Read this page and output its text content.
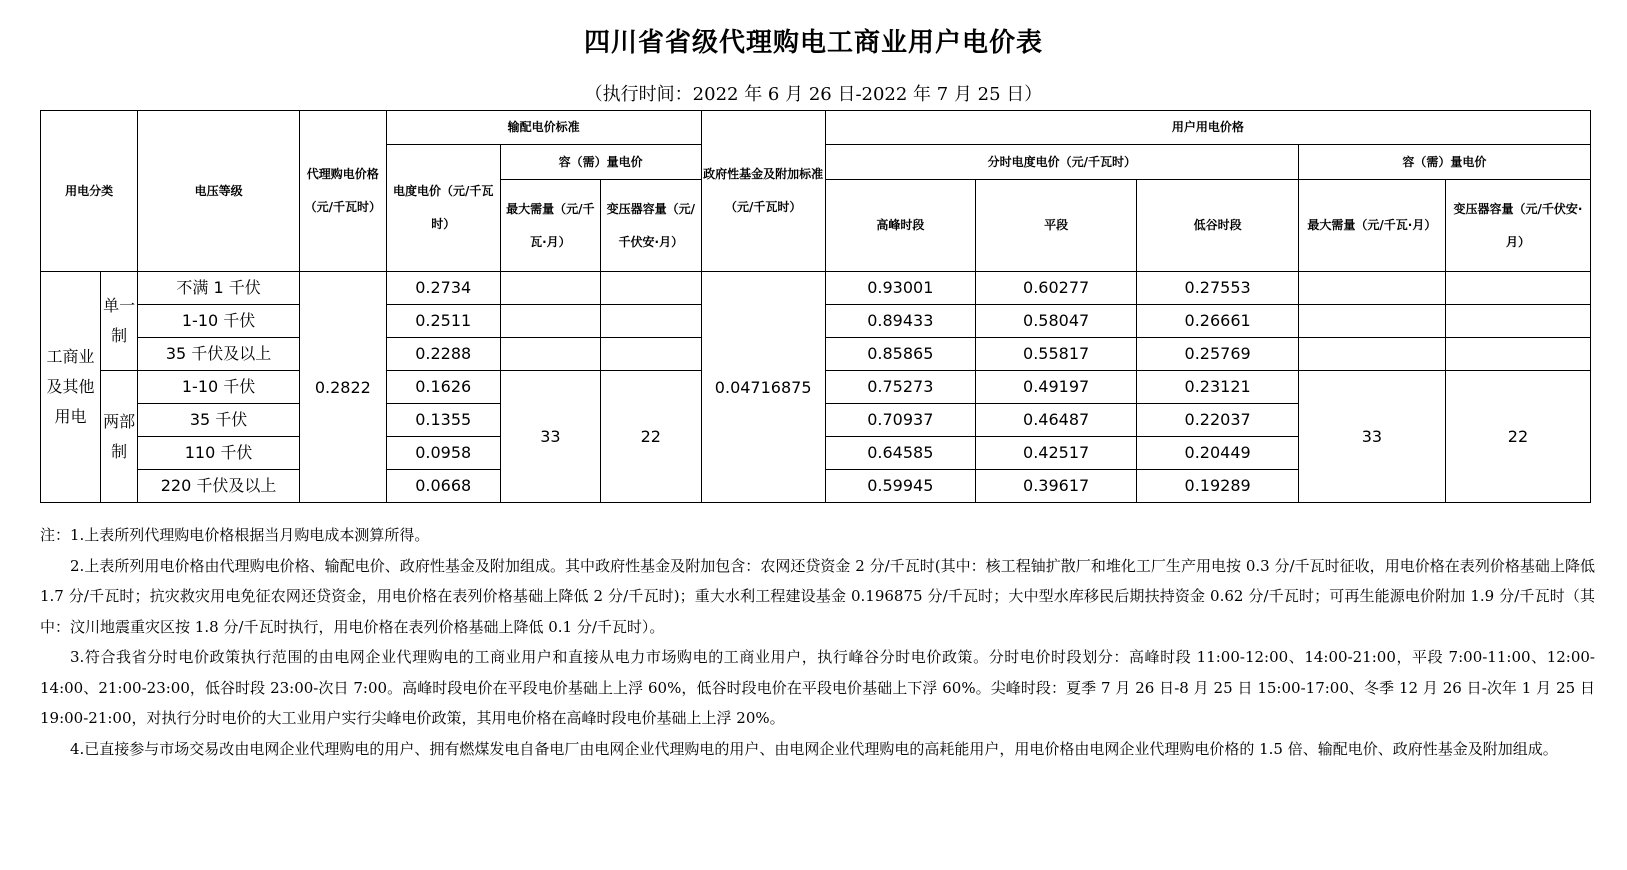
四川省省级代理购电工商业用户电价表
（执行时间：2022 年 6 月 26 日-2022 年 7 月 25 日）
用电分类		电压等级	代理购电价格（元/千瓦时）	输配电价标准			政府性基金及附加标准（元/千瓦时）	用户用电价格				
				电度电价（元/千瓦时）	容（需）量电价			分时电度电价（元/千瓦时）			容（需）量电价	
					最大需量（元/千瓦·月）	变压器容量（元/千伏安·月）		高峰时段	平段	低谷时段	最大需量（元/千瓦·月）	变压器容量（元/千伏安·月）
工商业及其他用电	单一制	不满 1 千伏	0.2822	0.2734			0.04716875	0.93001	0.60277	0.27553		
		1-10 千伏		0.2511				0.89433	0.58047	0.26661		
		35 千伏及以上		0.2288				0.85865	0.55817	0.25769		
	两部制	1-10 千伏		0.1626	33	22		0.75273	0.49197	0.23121	33	22
		35 千伏		0.1355				0.70937	0.46487	0.22037		
		110 千伏		0.0958				0.64585	0.42517	0.20449		
		220 千伏及以上		0.0668				0.59945	0.39617	0.19289		

注：1.上表所列代理购电价格根据当月购电成本测算所得。

2.上表所列用电价格由代理购电价格、输配电价、政府性基金及附加组成。其中政府性基金及附加包含：农网还贷资金 2 分/千瓦时(其中：核工程铀扩散厂和堆化工厂生产用电按 0.3 分/千瓦时征收，用电价格在表列价格基础上降低 1.7 分/千瓦时；抗灾救灾用电免征农网还贷资金，用电价格在表列价格基础上降低 2 分/千瓦时)；重大水利工程建设基金 0.196875 分/千瓦时；大中型水库移民后期扶持资金 0.62 分/千瓦时；可再生能源电价附加 1.9 分/千瓦时（其中：汶川地震重灾区按 1.8 分/千瓦时执行，用电价格在表列价格基础上降低 0.1 分/千瓦时）。

3.符合我省分时电价政策执行范围的由电网企业代理购电的工商业用户和直接从电力市场购电的工商业用户，执行峰谷分时电价政策。分时电价时段划分：高峰时段 11:00-12:00、14:00-21:00，平段 7:00-11:00、12:00-14:00、21:00-23:00，低谷时段 23:00-次日 7:00。高峰时段电价在平段电价基础上上浮 60%，低谷时段电价在平段电价基础上下浮 60%。尖峰时段：夏季 7 月 26 日-8 月 25 日 15:00-17:00、冬季 12 月 26 日-次年 1 月 25 日 19:00-21:00，对执行分时电价的大工业用户实行尖峰电价政策，其用电价格在高峰时段电价基础上上浮 20%。

4.已直接参与市场交易改由电网企业代理购电的用户、拥有燃煤发电自备电厂由电网企业代理购电的用户、由电网企业代理购电的高耗能用户，用电价格由电网企业代理购电价格的 1.5 倍、输配电价、政府性基金及附加组成。
